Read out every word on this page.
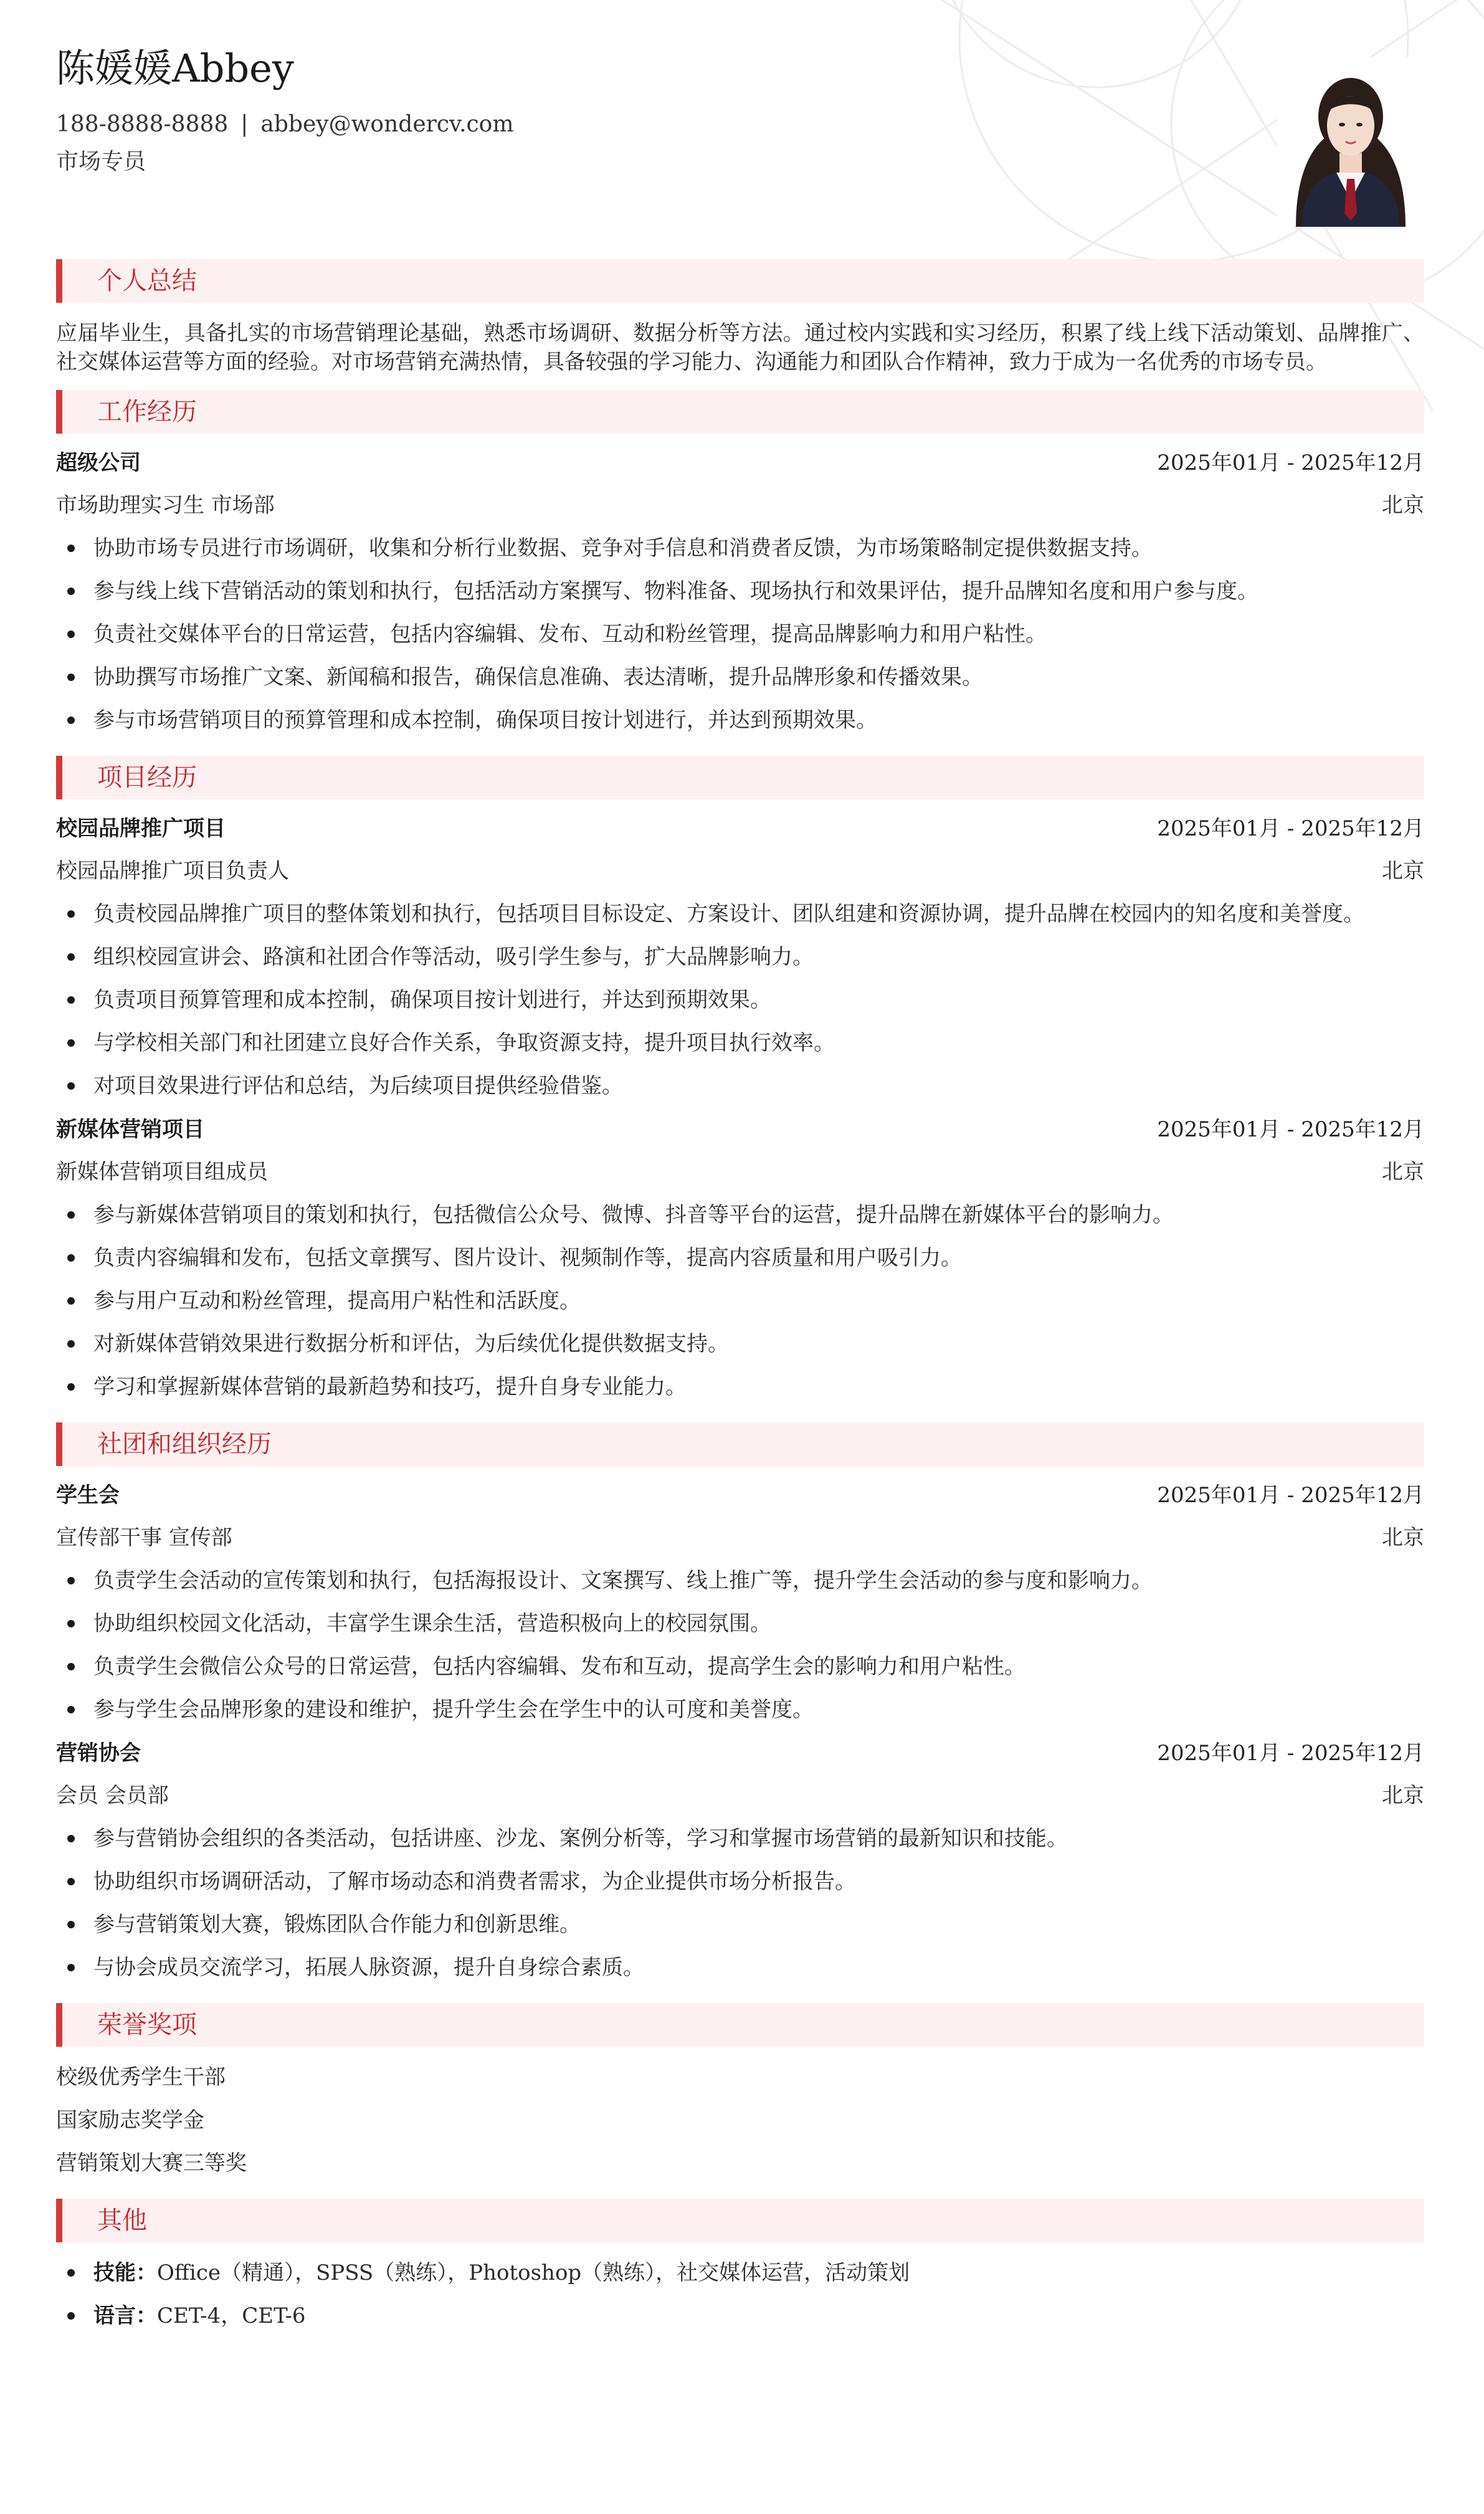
陈媛媛Abbey
188-8888-8888 | abbey@wondercv.com
市场专员
个人总结
应届毕业生，具备扎实的市场营销理论基础，熟悉市场调研、数据分析等方法。通过校内实践和实习经历，积累了线上线下活动策划、品牌推广、社交媒体运营等方面的经验。对市场营销充满热情，具备较强的学习能力、沟通能力和团队合作精神，致力于成为一名优秀的市场专员。
工作经历
超级公司	2025年01月 - 2025年12月
市场助理实习生 市场部	北京
协助市场专员进行市场调研，收集和分析行业数据、竞争对手信息和消费者反馈，为市场策略制定提供数据支持。
参与线上线下营销活动的策划和执行，包括活动方案撰写、物料准备、现场执行和效果评估，提升品牌知名度和用户参与度。
负责社交媒体平台的日常运营，包括内容编辑、发布、互动和粉丝管理，提高品牌影响力和用户粘性。
协助撰写市场推广文案、新闻稿和报告，确保信息准确、表达清晰，提升品牌形象和传播效果。
参与市场营销项目的预算管理和成本控制，确保项目按计划进行，并达到预期效果。
项目经历
校园品牌推广项目	2025年01月 - 2025年12月
校园品牌推广项目负责人	北京
负责校园品牌推广项目的整体策划和执行，包括项目目标设定、方案设计、团队组建和资源协调，提升品牌在校园内的知名度和美誉度。
组织校园宣讲会、路演和社团合作等活动，吸引学生参与，扩大品牌影响力。
负责项目预算管理和成本控制，确保项目按计划进行，并达到预期效果。
与学校相关部门和社团建立良好合作关系，争取资源支持，提升项目执行效率。
对项目效果进行评估和总结，为后续项目提供经验借鉴。
新媒体营销项目	2025年01月 - 2025年12月
新媒体营销项目组成员	北京
参与新媒体营销项目的策划和执行，包括微信公众号、微博、抖音等平台的运营，提升品牌在新媒体平台的影响力。
负责内容编辑和发布，包括文章撰写、图片设计、视频制作等，提高内容质量和用户吸引力。
参与用户互动和粉丝管理，提高用户粘性和活跃度。
对新媒体营销效果进行数据分析和评估，为后续优化提供数据支持。
学习和掌握新媒体营销的最新趋势和技巧，提升自身专业能力。
社团和组织经历
学生会	2025年01月 - 2025年12月
宣传部干事 宣传部	北京
负责学生会活动的宣传策划和执行，包括海报设计、文案撰写、线上推广等，提升学生会活动的参与度和影响力。
协助组织校园文化活动，丰富学生课余生活，营造积极向上的校园氛围。
负责学生会微信公众号的日常运营，包括内容编辑、发布和互动，提高学生会的影响力和用户粘性。
参与学生会品牌形象的建设和维护，提升学生会在学生中的认可度和美誉度。
营销协会	2025年01月 - 2025年12月
会员 会员部	北京
参与营销协会组织的各类活动，包括讲座、沙龙、案例分析等，学习和掌握市场营销的最新知识和技能。
协助组织市场调研活动，了解市场动态和消费者需求，为企业提供市场分析报告。
参与营销策划大赛，锻炼团队合作能力和创新思维。
与协会成员交流学习，拓展人脉资源，提升自身综合素质。
荣誉奖项
校级优秀学生干部
国家励志奖学金
营销策划大赛三等奖
其他
技能：Office（精通），SPSS（熟练），Photoshop（熟练），社交媒体运营，活动策划
语言：CET-4，CET-6
